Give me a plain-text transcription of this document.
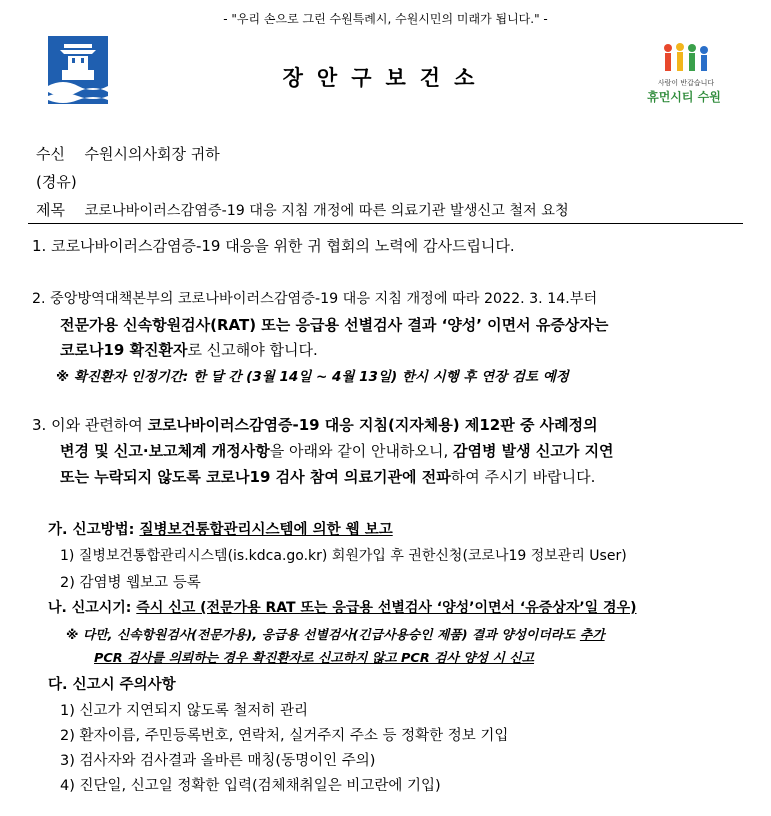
- "우리 손으로 그린 수원특례시, 수원시민의 미래가 됩니다." -
장안구보건소	사람이 반갑습니다
휴먼시티 수원
수신 수원시의사회장 귀하
(경유)
제목 코로나바이러스감염증-19 대응 지침 개정에 따른 의료기관 발생신고 철저 요청
1. 코로나바이러스감염증-19 대응을 위한 귀 협회의 노력에 감사드립니다.
2. 중앙방역대책본부의 코로나바이러스감염증-19 대응 지침 개정에 따라 2022. 3. 14.부터
전문가용 신속항원검사(RAT) 또는 응급용 선별검사 결과 ‘양성’ 이면서 유증상자는
코로나19 확진환자로 신고해야 합니다.
※ 확진환자 인정기간: 한 달 간 (3월 14일 ~ 4월 13일) 한시 시행 후 연장 검토 예정
3. 이와 관련하여 코로나바이러스감염증-19 대응 지침(지자체용) 제12판 중 사례정의
변경 및 신고·보고체계 개정사항을 아래와 같이 안내하오니, 감염병 발생 신고가 지연
또는 누락되지 않도록 코로나19 검사 참여 의료기관에 전파하여 주시기 바랍니다.
가. 신고방법: 질병보건통합관리시스템에 의한 웹 보고
1) 질병보건통합관리시스템(is.kdca.go.kr) 회원가입 후 권한신청(코로나19 정보관리 User)
2) 감염병 웹보고 등록
나. 신고시기: 즉시 신고 (전문가용 RAT 또는 응급용 선별검사 ‘양성’이면서 ‘유증상자’일 경우)
※ 다만, 신속항원검사(전문가용), 응급용 선별검사(긴급사용승인 제품) 결과 양성이더라도 추가
PCR 검사를 의뢰하는 경우 확진환자로 신고하지 않고 PCR 검사 양성 시 신고
다. 신고시 주의사항
1) 신고가 지연되지 않도록 철저히 관리
2) 환자이름, 주민등록번호, 연락처, 실거주지 주소 등 정확한 정보 기입
3) 검사자와 검사결과 올바른 매칭(동명이인 주의)
4) 진단일, 신고일 정확한 입력(검체채취일은 비고란에 기입)
